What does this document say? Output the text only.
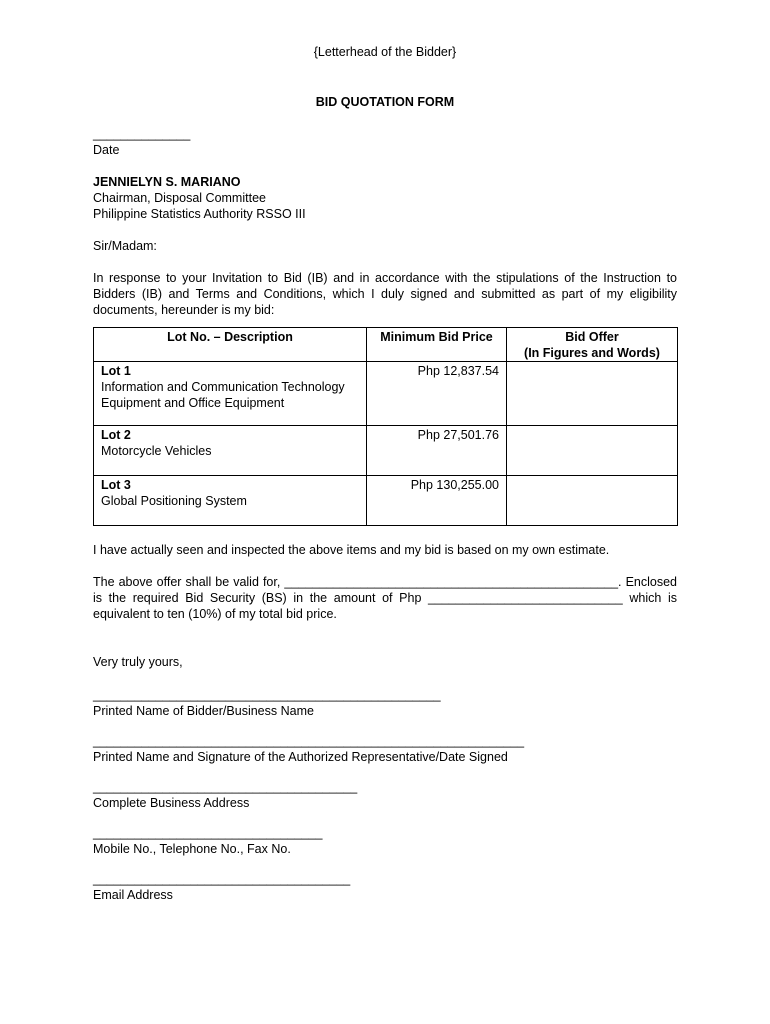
{Letterhead of the Bidder}
BID QUOTATION FORM

______________

Date

JENNIELYN S. MARIANO

Chairman, Disposal Committee

Philippine Statistics Authority RSSO III

Sir/Madam:

In response to your Invitation to Bid (IB) and in accordance with the stipulations of the Instruction to Bidders (IB) and Terms and Conditions, which I duly signed and submitted as part of my eligibility documents, hereunder is my bid:

Lot No. – Description	Minimum Bid Price	Bid Offer
(In Figures and Words)

Lot 1
Information and Communication Technology Equipment and Office Equipment	Php 12,837.54	

Lot 2
Motorcycle Vehicles	Php 27,501.76	

Lot 3
Global Positioning System	Php 130,255.00	

I have actually seen and inspected the above items and my bid is based on my own estimate.

The above offer shall be valid for, ________________________________________________. Enclosed is the required Bid Security (BS) in the amount of Php ____________________________ which is equivalent to ten (10%) of my total bid price.

Very truly yours,

__________________________________________________

Printed Name of Bidder/Business Name

______________________________________________________________

Printed Name and Signature of the Authorized Representative/Date Signed

______________________________________

Complete Business Address

_________________________________

Mobile No., Telephone No., Fax No.

_____________________________________

Email Address
